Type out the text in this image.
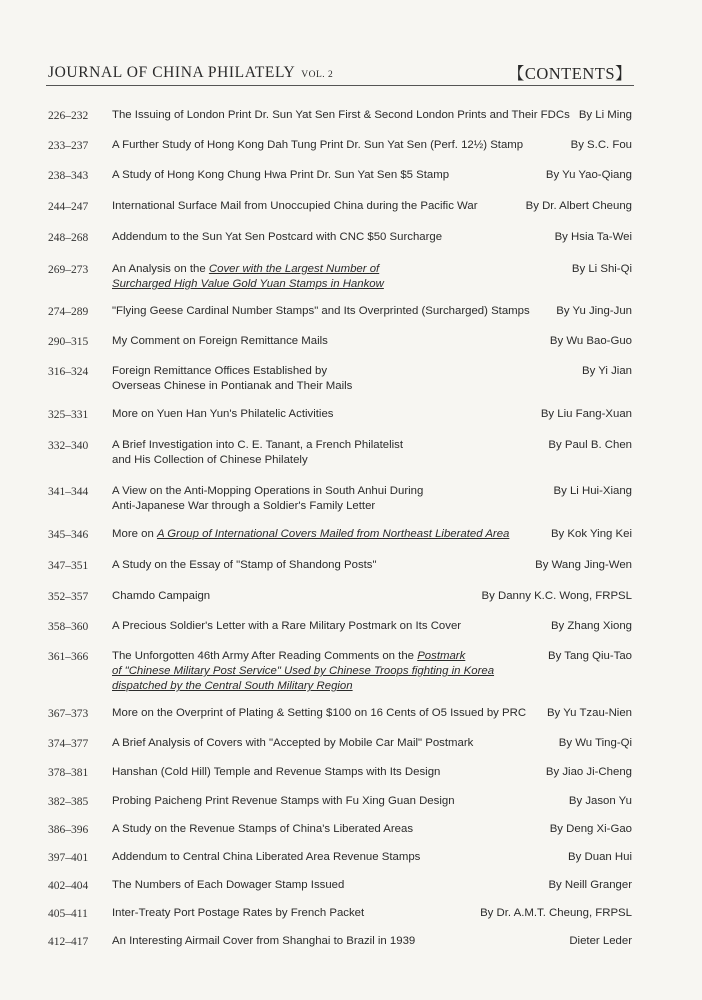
JOURNAL OF CHINA PHILATELY VOL. 2	【CONTENTS】
226–232 The Issuing of London Print Dr. Sun Yat Sen First & Second London Prints and Their FDCs By Li Ming
233–237 A Further Study of Hong Kong Dah Tung Print Dr. Sun Yat Sen (Perf. 12½) Stamp	By S.C. Fou
238–343 A Study of Hong Kong Chung Hwa Print Dr. Sun Yat Sen $5 Stamp	By Yu Yao-Qiang
244–247 International Surface Mail from Unoccupied China during the Pacific War	By Dr. Albert Cheung
248–268 Addendum to the Sun Yat Sen Postcard with CNC $50 Surcharge	By Hsia Ta-Wei
269–273 An Analysis on the Cover with the Largest Number of
Surcharged High Value Gold Yuan Stamps in Hankow
By Li Shi-Qi
274–289 "Flying Geese Cardinal Number Stamps" and Its Overprinted (Surcharged) Stamps	By Yu Jing-Jun
290–315 My Comment on Foreign Remittance Mails	By Wu Bao-Guo
316–324 Foreign Remittance Offices Established by
Overseas Chinese in Pontianak and Their Mails
By Yi Jian
325–331 More on Yuen Han Yun's Philatelic Activities	By Liu Fang-Xuan
332–340 A Brief Investigation into C. E. Tanant, a French Philatelist
and His Collection of Chinese Philately
By Paul B. Chen
341–344 A View on the Anti-Mopping Operations in South Anhui During
Anti-Japanese War through a Soldier's Family Letter
By Li Hui-Xiang
345–346 More on A Group of International Covers Mailed from Northeast Liberated Area	By Kok Ying Kei
347–351 A Study on the Essay of "Stamp of Shandong Posts"	By Wang Jing-Wen
352–357 Chamdo Campaign	By Danny K.C. Wong, FRPSL
358–360 A Precious Soldier's Letter with a Rare Military Postmark on Its Cover	By Zhang Xiong
361–366 The Unforgotten 46th Army After Reading Comments on the Postmark
of "Chinese Military Post Service" Used by Chinese Troops fighting in Korea
dispatched by the Central South Military Region
By Tang Qiu-Tao
367–373 More on the Overprint of Plating & Setting $100 on 16 Cents of O5 Issued by PRC	By Yu Tzau-Nien
374–377 A Brief Analysis of Covers with "Accepted by Mobile Car Mail" Postmark	By Wu Ting-Qi
378–381 Hanshan (Cold Hill) Temple and Revenue Stamps with Its Design	By Jiao Ji-Cheng
382–385 Probing Paicheng Print Revenue Stamps with Fu Xing Guan Design	By Jason Yu
386–396 A Study on the Revenue Stamps of China's Liberated Areas	By Deng Xi-Gao
397–401 Addendum to Central China Liberated Area Revenue Stamps	By Duan Hui
402–404 The Numbers of Each Dowager Stamp Issued	By Neill Granger
405–411 Inter-Treaty Port Postage Rates by French Packet	By Dr. A.M.T. Cheung, FRPSL
412–417 An Interesting Airmail Cover from Shanghai to Brazil in 1939	Dieter Leder
